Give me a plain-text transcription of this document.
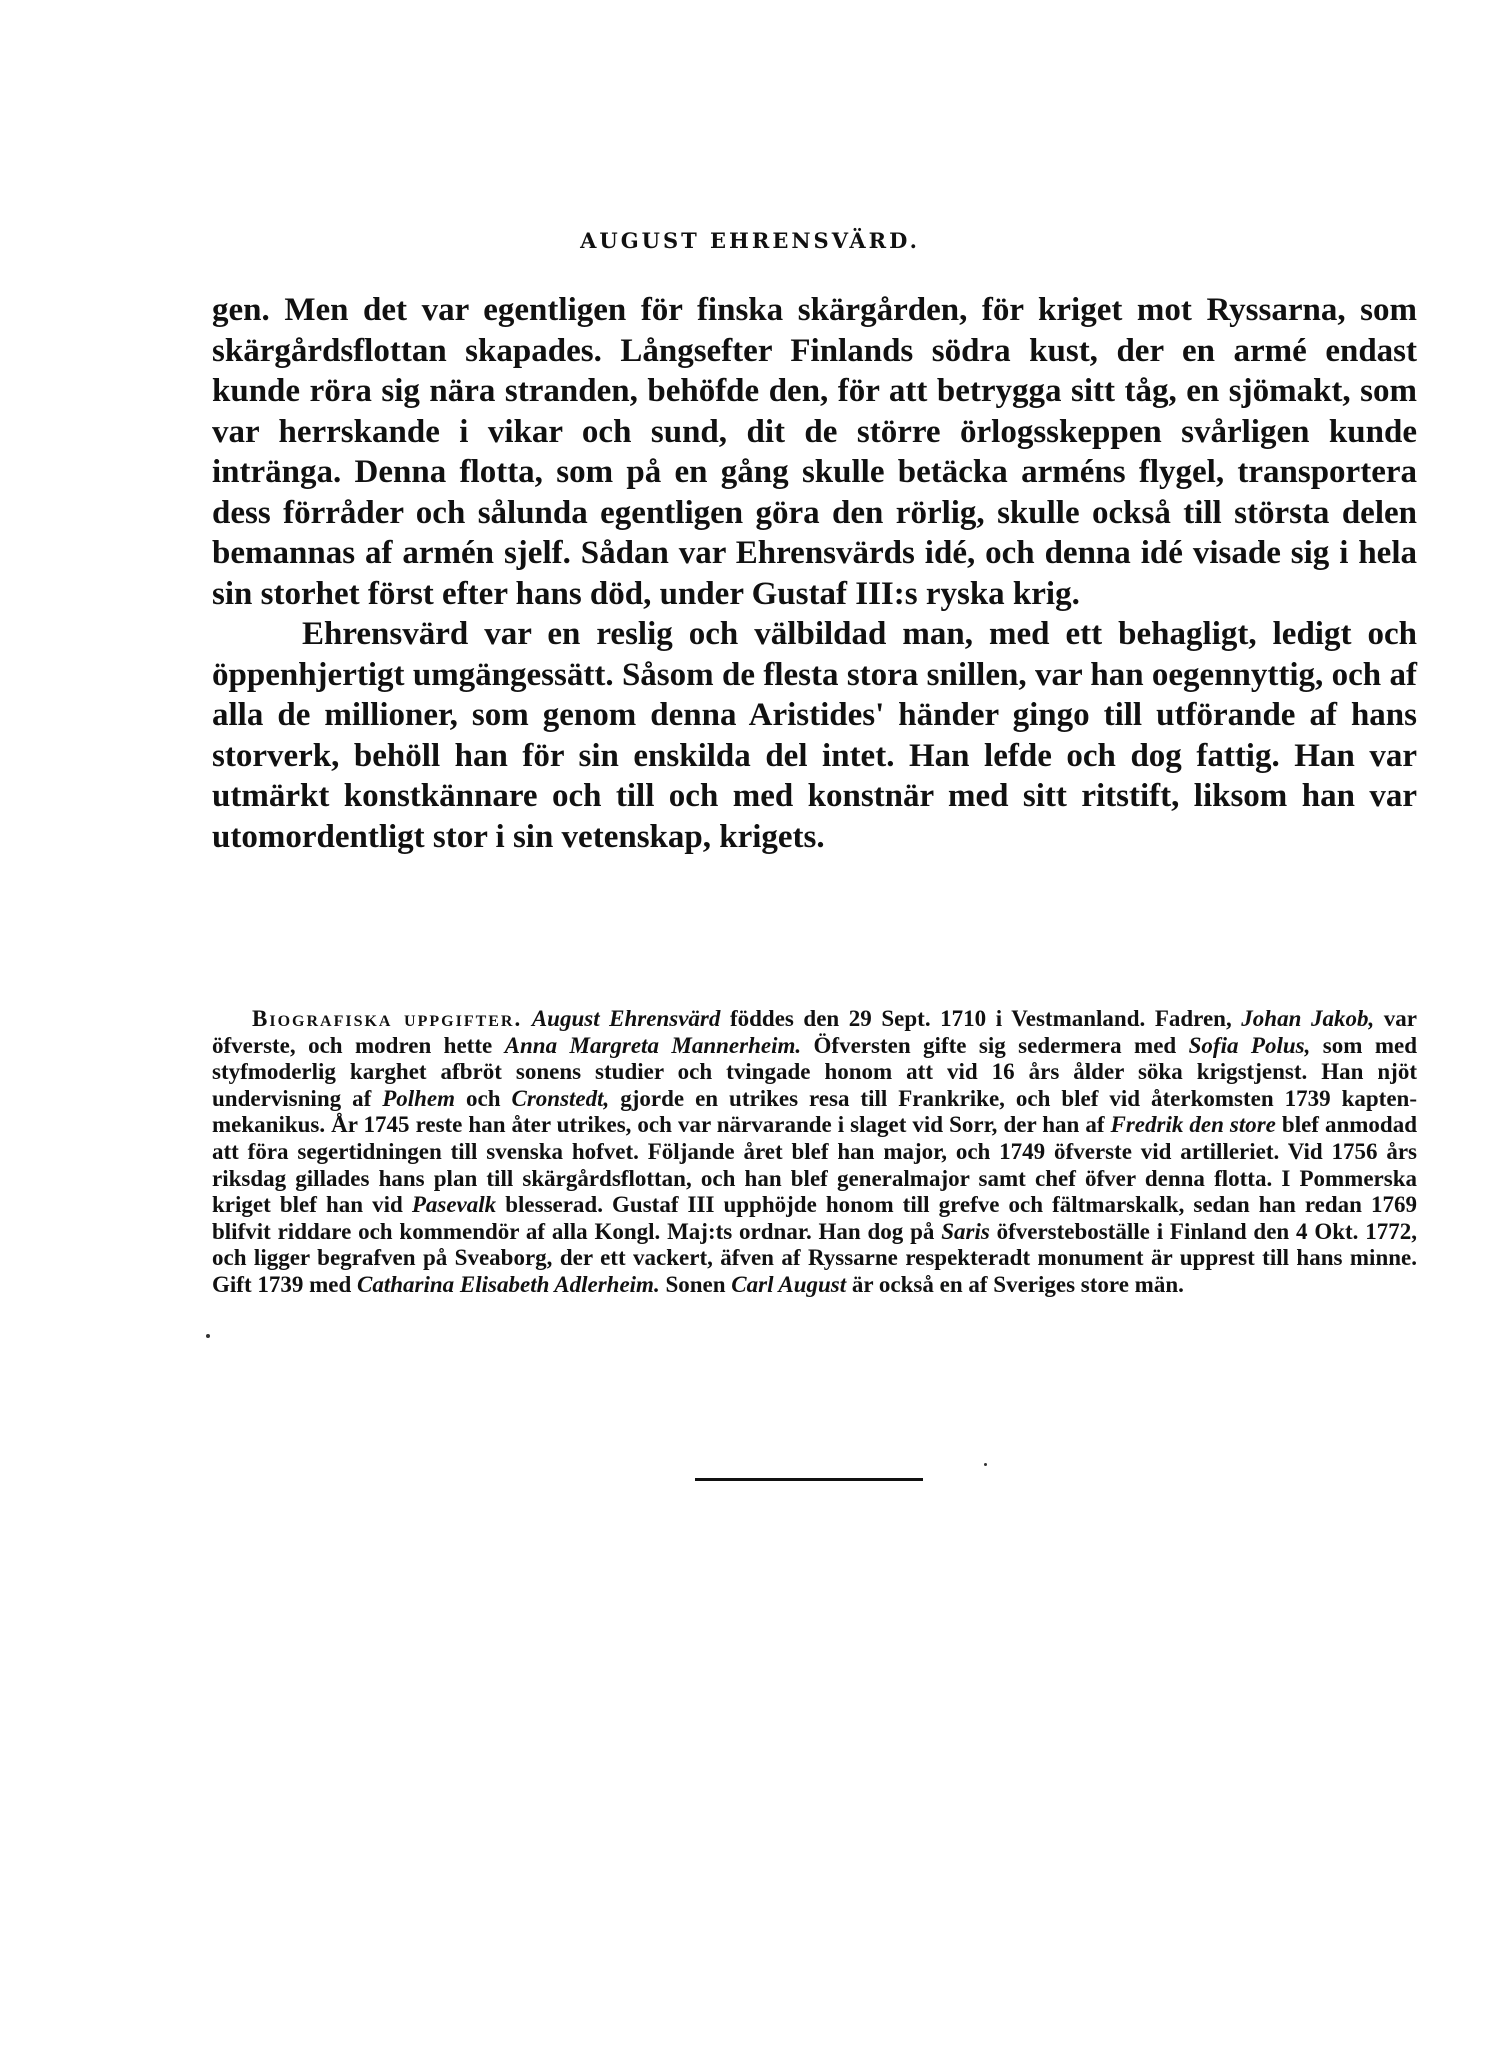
AUGUST EHRENSVÄRD.

gen. Men det var egentligen för finska skärgården, för kriget mot Ryssarna, som skärgårdsflottan skapades. Långsefter Finlands södra kust, der en armé endast kunde röra sig nära stranden, behöfde den, för att betrygga sitt tåg, en sjömakt, som var herrskande i vikar och sund, dit de större örlogsskeppen svårligen kunde intränga. Denna flotta, som på en gång skulle betäcka arméns flygel, transportera dess förråder och sålunda egentligen göra den rörlig, skulle också till största delen bemannas af armén sjelf. Sådan var Ehrensvärds idé, och denna idé visade sig i hela sin storhet först efter hans död, under Gustaf III:s ryska krig.

Ehrensvärd var en reslig och välbildad man, med ett behagligt, ledigt och öppenhjertigt umgängessätt. Såsom de flesta stora snillen, var han oegennyttig, och af alla de millioner, som genom denna Aristides' händer gingo till utförande af hans storverk, behöll han för sin enskilda del intet. Han lefde och dog fattig. Han var utmärkt konstkännare och till och med konstnär med sitt ritstift, liksom han var utomordentligt stor i sin vetenskap, krigets.

Biografiska uppgifter. August Ehrensvärd föddes den 29 Sept. 1710 i Vestmanland. Fadren, Johan Jakob, var öfverste, och modren hette Anna Margreta Mannerheim. Öfversten gifte sig sedermera med Sofia Polus, som med styfmoderlig karghet afbröt sonens studier och tvingade honom att vid 16 års ålder söka krigstjenst. Han njöt undervisning af Polhem och Cronstedt, gjorde en utrikes resa till Frankrike, och blef vid återkomsten 1739 kapten-mekanikus. År 1745 reste han åter utrikes, och var närvarande i slaget vid Sorr, der han af Fredrik den store blef anmodad att föra segertidningen till svenska hofvet. Följande året blef han major, och 1749 öfverste vid artilleriet. Vid 1756 års riksdag gillades hans plan till skärgårdsflottan, och han blef generalmajor samt chef öfver denna flotta. I Pommerska kriget blef han vid Pasevalk blesserad. Gustaf III upphöjde honom till grefve och fältmarskalk, sedan han redan 1769 blifvit riddare och kommendör af alla Kongl. Maj:ts ordnar. Han dog på Saris öfversteboställe i Finland den 4 Okt. 1772, och ligger begrafven på Sveaborg, der ett vackert, äfven af Ryssarne respekteradt monument är upprest till hans minne. Gift 1739 med Catharina Elisabeth Adlerheim. Sonen Carl August är också en af Sveriges store män.
